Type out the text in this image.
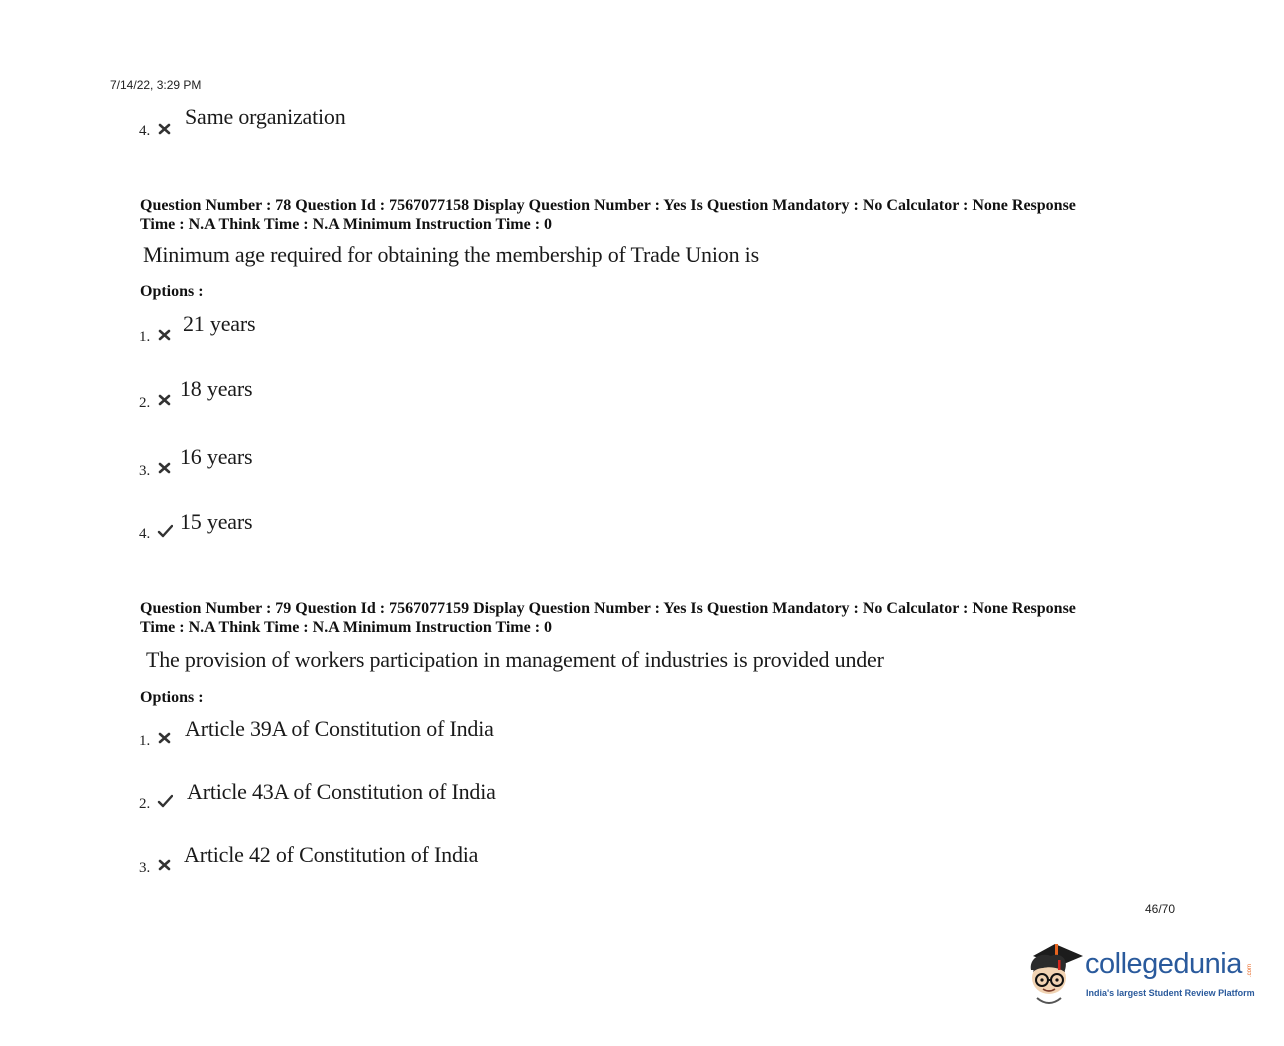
7/14/22, 3:29 PM
4.
Same organization
Question Number : 78 Question Id : 7567077158 Display Question Number : Yes Is Question Mandatory : No Calculator : None Response
Time : N.A Think Time : N.A Minimum Instruction Time : 0
Minimum age required for obtaining the membership of Trade Union is
Options :
1.
21 years
2.
18 years
3.
16 years
4. 15 years
Question Number : 79 Question Id : 7567077159 Display Question Number : Yes Is Question Mandatory : No Calculator : None Response
Time : N.A Think Time : N.A Minimum Instruction Time : 0
The provision of workers participation in management of industries is provided under
Options :
1. Article 39A of Constitution of India
2. Article 43A of Constitution of India
3.
Article 42 of Constitution of India
46/70
collegedunia .com
India's largest Student Review Platform
